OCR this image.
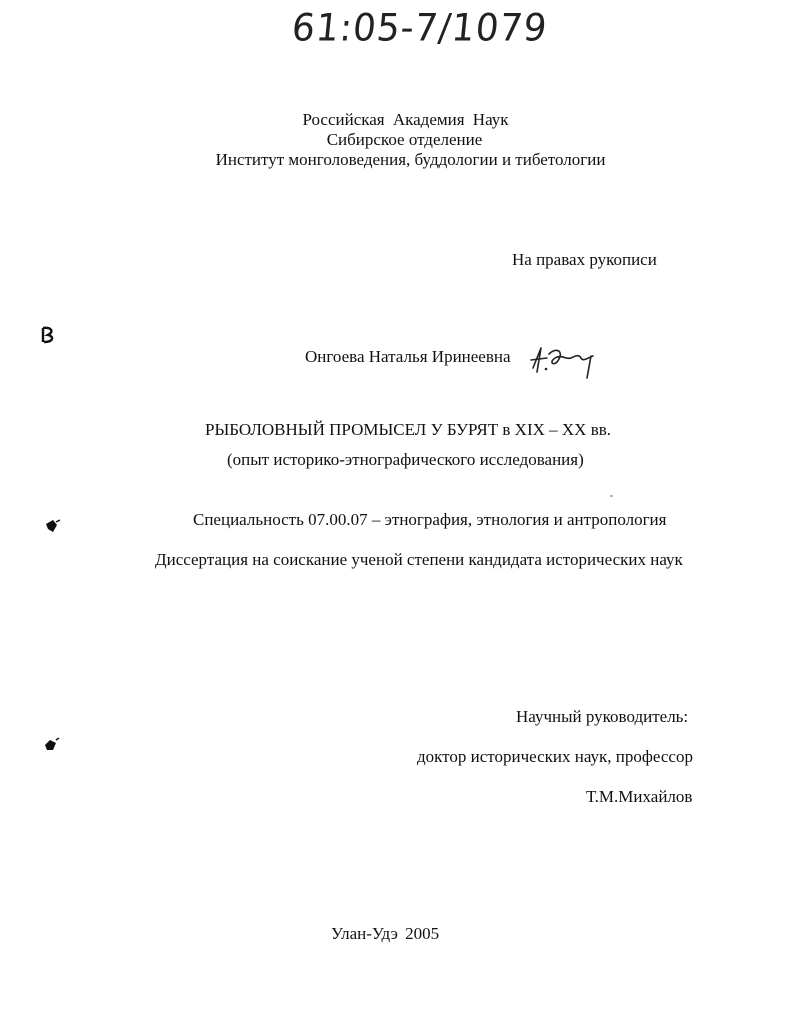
61:05-7/1079
Российская Академия Наук
Сибирское отделение
Институт монголоведения, буддологии и тибетологии
На правах рукописи
Онгоева Наталья Иринеевна
РЫБОЛОВНЫЙ ПРОМЫСЕЛ У БУРЯТ в XIX – XX вв.
(опыт историко-этнографического исследования)
Специальность 07.00.07 – этнография, этнология и антропология
Диссертация на соискание ученой степени кандидата исторических наук
Научный руководитель:
доктор исторических наук, профессор
Т.М.Михайлов
Улан-Удэ 2005
